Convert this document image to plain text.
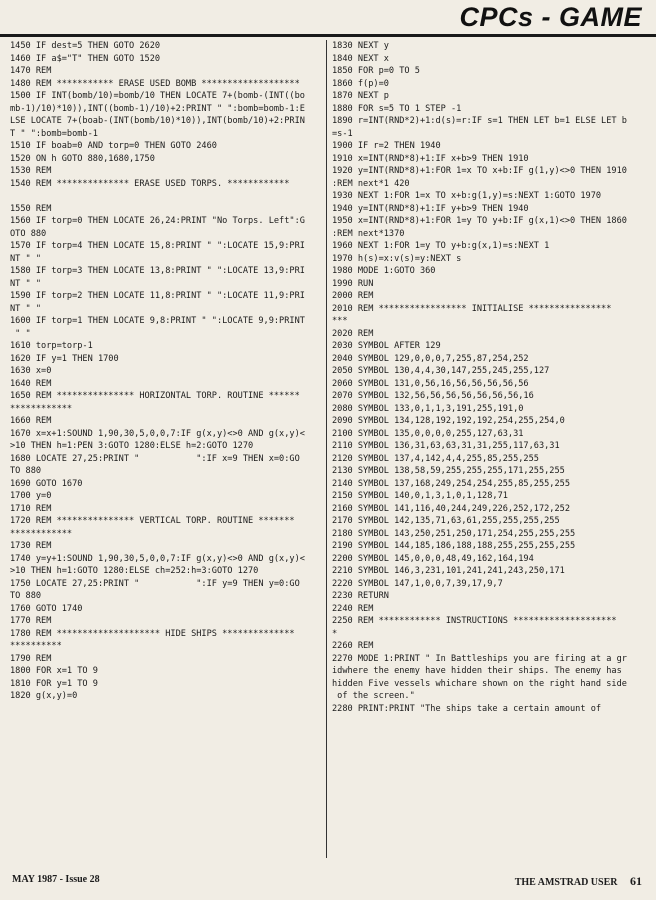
CPCs - GAME
1450 IF dest=5 THEN GOTO 2620
1460 IF a$="T" THEN GOTO 1520
1470 REM
1480 REM *********** ERASE USED BOMB *******************
1500 IF INT(bomb/10)=bomb/10 THEN LOCATE 7+(bomb-(INT((bo
mb-1)/10)*10)),INT((bomb-1)/10)+2:PRINT " ":bomb=bomb-1:E
LSE LOCATE 7+(boab-(INT(bomb/10)*10)),INT(bomb/10)+2:PRIN
T " ":bomb=bomb-1
1510 IF boab=0 AND torp=0 THEN GOTO 2460
1520 ON h GOTO 880,1680,1750
1530 REM
1540 REM ************** ERASE USED TORPS. ************

1550 REM
1560 IF torp=0 THEN LOCATE 26,24:PRINT "No Torps. Left":G
OTO 880
1570 IF torp=4 THEN LOCATE 15,8:PRINT " ":LOCATE 15,9:PRI
NT " "
1580 IF torp=3 THEN LOCATE 13,8:PRINT " ":LOCATE 13,9:PRI
NT " "
1590 IF torp=2 THEN LOCATE 11,8:PRINT " ":LOCATE 11,9:PRI
NT " "
1600 IF torp=1 THEN LOCATE 9,8:PRINT " ":LOCATE 9,9:PRINT
" "
1610 torp=torp-1
1620 IF y=1 THEN 1700
1630 x=0
1640 REM
1650 REM *************** HORIZONTAL TORP. ROUTINE ******
************
1660 REM
1670 x=x+1:SOUND 1,90,30,5,0,0,7:IF g(x,y)<>0 AND g(x,y)<
>10 THEN h=1:PEN 3:GOTO 1280:ELSE h=2:GOTO 1270
1680 LOCATE 27,25:PRINT "           ":IF x=9 THEN x=0:GO
TO 880
1690 GOTO 1670
1700 y=0
1710 REM
1720 REM *************** VERTICAL TORP. ROUTINE *******
************
1730 REM
1740 y=y+1:SOUND 1,90,30,5,0,0,7:IF g(x,y)<>0 AND g(x,y)<
>10 THEN h=1:GOTO 1280:ELSE ch=252:h=3:GOTO 1270
1750 LOCATE 27,25:PRINT "           ":IF y=9 THEN y=0:GO
TO 880
1760 GOTO 1740
1770 REM
1780 REM ******************** HIDE SHIPS **************
**********
1790 REM
1800 FOR x=1 TO 9
1810 FOR y=1 TO 9
1820 g(x,y)=0
1830 NEXT y
1840 NEXT x
1850 FOR p=0 TO 5
1860 f(p)=0
1870 NEXT p
1880 FOR s=5 TO 1 STEP -1
1890 r=INT(RND*2)+1:d(s)=r:IF s=1 THEN LET b=1 ELSE LET b
=s-1
1900 IF r=2 THEN 1940
1910 x=INT(RND*8)+1:IF x+b>9 THEN 1910
1920 y=INT(RND*8)+1:FOR 1=x TO x+b:IF g(1,y)<>0 THEN 1910
:REM next*1 420
1930 NEXT 1:FOR 1=x TO x+b:g(1,y)=s:NEXT 1:GOTO 1970
1940 y=INT(RND*8)+1:IF y+b>9 THEN 1940
1950 x=INT(RND*8)+1:FOR 1=y TO y+b:IF g(x,1)<>0 THEN 1860
:REM next*1370
1960 NEXT 1:FOR 1=y TO y+b:g(x,1)=s:NEXT 1
1970 h(s)=x:v(s)=y:NEXT s
1980 MODE 1:GOTO 360
1990 RUN
2000 REM
2010 REM ***************** INITIALISE ****************
***
2020 REM
2030 SYMBOL AFTER 129
2040 SYMBOL 129,0,0,0,7,255,87,254,252
2050 SYMBOL 130,4,4,30,147,255,245,255,127
2060 SYMBOL 131,0,56,16,56,56,56,56,56
2070 SYMBOL 132,56,56,56,56,56,56,56,16
2080 SYMBOL 133,0,1,1,3,191,255,191,0
2090 SYMBOL 134,128,192,192,192,254,255,254,0
2100 SYMBOL 135,0,0,0,0,255,127,63,31
2110 SYMBOL 136,31,63,63,31,31,255,117,63,31
2120 SYMBOL 137,4,142,4,4,255,85,255,255
2130 SYMBOL 138,58,59,255,255,255,171,255,255
2140 SYMBOL 137,168,249,254,254,255,85,255,255
2150 SYMBOL 140,0,1,3,1,0,1,128,71
2160 SYMBOL 141,116,40,244,249,226,252,172,252
2170 SYMBOL 142,135,71,63,61,255,255,255,255
2180 SYMBOL 143,250,251,250,171,254,255,255,255
2190 SYMBOL 144,185,186,188,188,255,255,255,255
2200 SYMBOL 145,0,0,0,48,49,162,164,194
2210 SYMBOL 146,3,231,101,241,241,243,250,171
2220 SYMBOL 147,1,0,0,7,39,17,9,7
2230 RETURN
2240 REM
2250 REM ************ INSTRUCTIONS ********************
*
2260 REM
2270 MODE 1:PRINT " In Battleships you are firing at a gr
idwhere the enemy have hidden their ships. The enemy has
hidden Five vessels whichare shown on the right hand side
of the screen."
2280 PRINT:PRINT "The ships take a certain amount of
MAY 1987 - Issue 28	THE AMSTRAD USER 61
